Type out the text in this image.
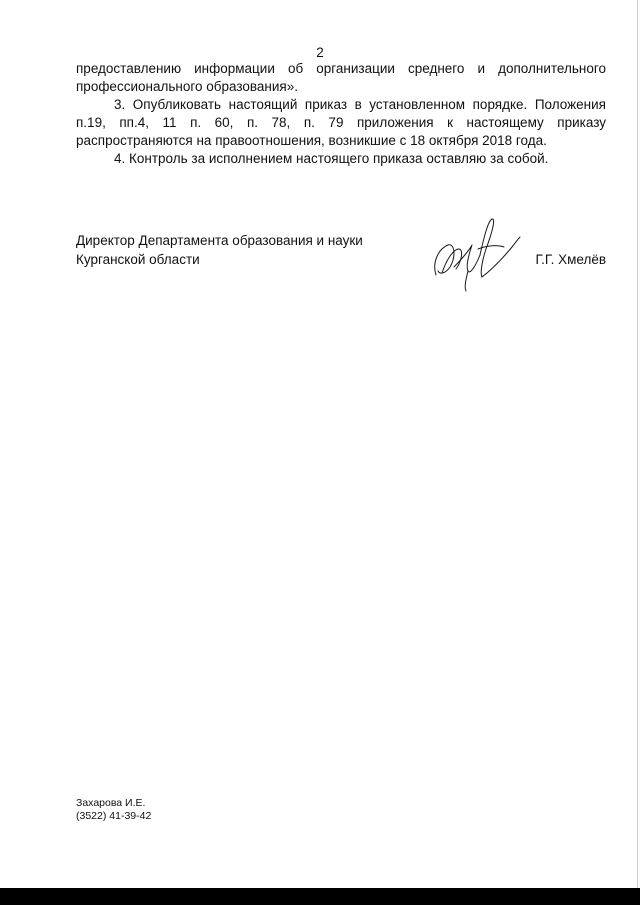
2

предоставлению информации об организации среднего и дополнительного профессионального образования».

3. Опубликовать настоящий приказ в установленном порядке. Положения п.19, пп.4, 11 п. 60, п. 78, п. 79 приложения к настоящему приказу распространяются на правоотношения, возникшие с 18 октября 2018 года.

4. Контроль за исполнением настоящего приказа оставляю за собой.

Директор Департамента образования и науки
Курганской области	Г.Г. Хмелёв
Захарова И.Е.
(3522) 41-39-42
